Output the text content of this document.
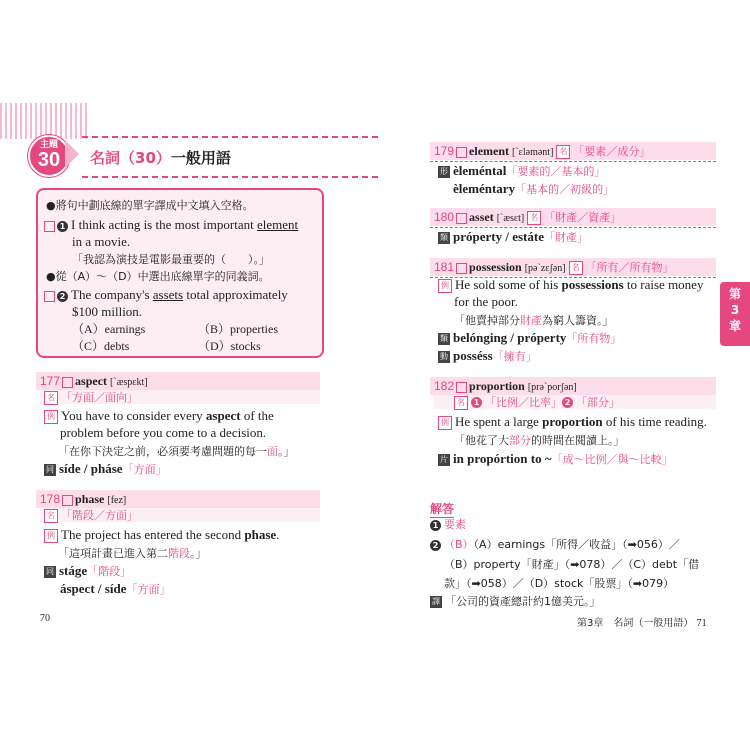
主題
30	名詞（30）一般用語
●將句中劃底線的單字譯成中文填入空格。
1 I think acting is the most important element
in a movie.
「我認為演技是電影最重要的（　　）。」
●從（A）～（D）中選出底線單字的同義詞。
2 The company's assets total approximately
$100 million.
（A）earnings	（B）properties
（C）debts	（D）stocks
177 aspect [ˋæspɛkt]
名 「方面／面向」
例 You have to consider every aspect of the
problem before you come to a decision.
「在你下決定之前，必須要考慮問題的每一面。」
同 síde / pháse「方面」
178 phase [fez]
名 「階段／方面」
例 The project has entered the second phase.
「這項計畫已進入第二階段。」
同 stáge「階段」
áspect / síde「方面」
70
179 element [ˋɛləmənt] 名 「要素／成分」
形 èleméntal「要素的／基本的」
èleméntary「基本的／初級的」
180 asset [ˋæsɛt] 名 「財產／資產」
類 próperty / estáte「財產」
181 possession [pəˋzɛʃən] 名 「所有／所有物」
例 He sold some of his possessions to raise money
for the poor.
「他賣掉部分財產為窮人籌資。」
類 belónging / próperty「所有物」
動 posséss「擁有」
182 proportion [prəˋporʃən]
名 1 「比例／比率」 2 「部分」
例 He spent a large proportion of his time reading.
「他花了大部分的時間在閱讀上。」
片 in propórtion to ~「成～比例／與～比較」
第
3
章
解答
1 要素
2 （B）（A）earnings「所得／收益」（➡056）／
（B）property「財產」（➡078）／（C）debt「借
款」（➡058）／（D）stock「股票」（➡079）
譯 「公司的資產總計約1億美元。」
第3章　名詞（一般用語） 71
